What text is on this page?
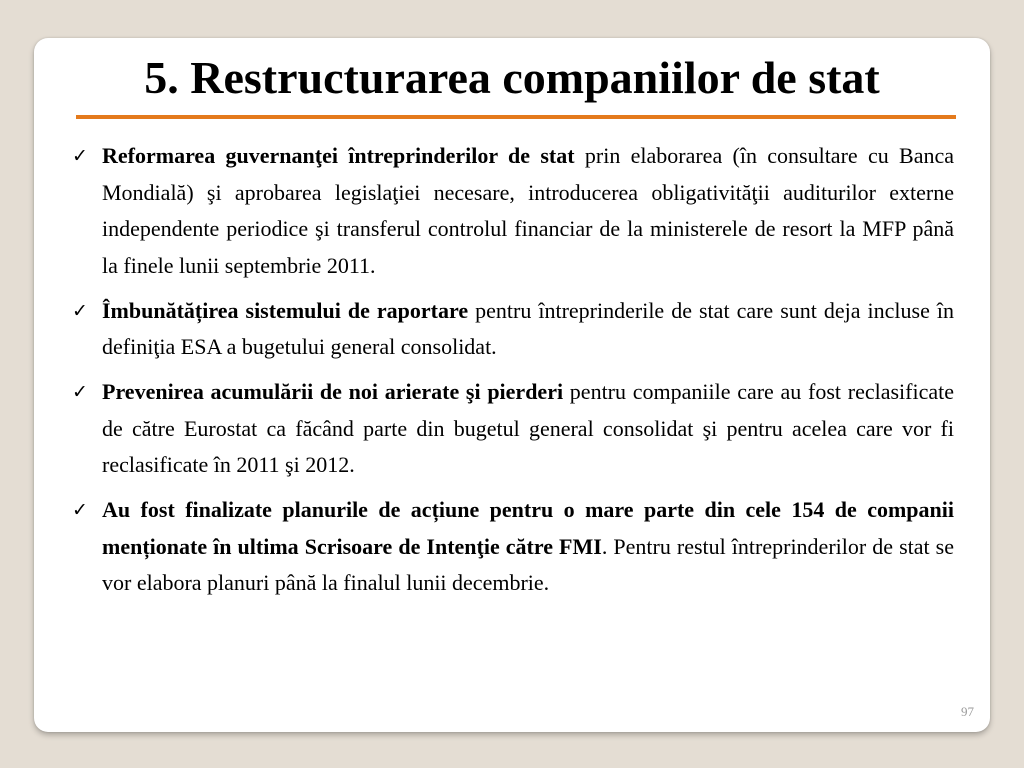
5. Restructurarea companiilor de stat
✓ Reformarea guvernanţei întreprinderilor de stat prin elaborarea (în consultare cu Banca Mondială) şi aprobarea legislaţiei necesare, introducerea obligativităţii auditurilor externe independente periodice şi transferul controlul financiar de la ministerele de resort la MFP până la finele lunii septembrie 2011.
✓ Îmbunătățirea sistemului de raportare pentru întreprinderile de stat care sunt deja incluse în definiţia ESA a bugetului general consolidat.
✓ Prevenirea acumulării de noi arierate şi pierderi pentru companiile care au fost reclasificate de către Eurostat ca făcând parte din bugetul general consolidat şi pentru acelea care vor fi reclasificate în 2011 şi 2012.
✓ Au fost finalizate planurile de acțiune pentru o mare parte din cele 154 de companii menționate în ultima Scrisoare de Intenţie către FMI. Pentru restul întreprinderilor de stat se vor elabora planuri până la finalul lunii decembrie.
97
